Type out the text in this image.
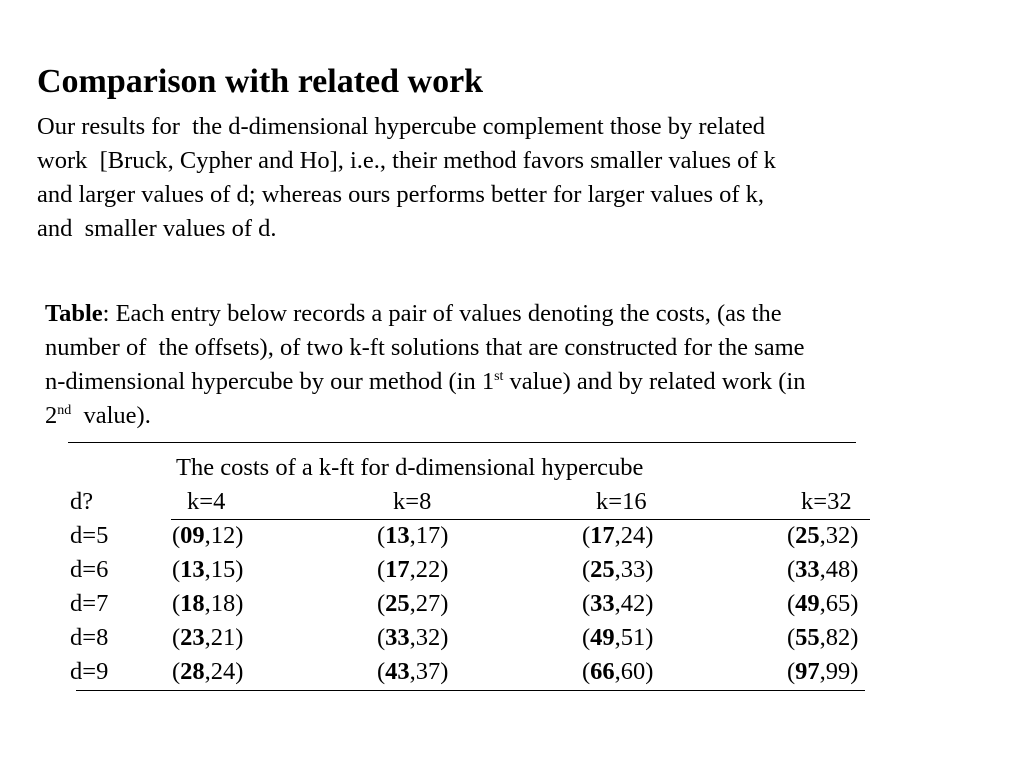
Comparison with related work
Our results for  the d-dimensional hypercube complement those by related
work  [Bruck, Cypher and Ho], i.e., their method favors smaller values of k
and larger values of d; whereas ours performs better for larger values of k,
and  smaller values of d.
Table: Each entry below records a pair of values denoting the costs, (as the
number of  the offsets), of two k-ft solutions that are constructed for the same
n-dimensional hypercube by our method (in 1st value) and by related work (in
2nd  value).
The costs of a k-ft for d-dimensional hypercube
d?	k=4	k=8	k=16	k=32
d=5	(09,12)	(13,17)	(17,24)	(25,32)
d=6	(13,15)	(17,22)	(25,33)	(33,48)
d=7	(18,18)	(25,27)	(33,42)	(49,65)
d=8	(23,21)	(33,32)	(49,51)	(55,82)
d=9	(28,24)	(43,37)	(66,60)	(97,99)
